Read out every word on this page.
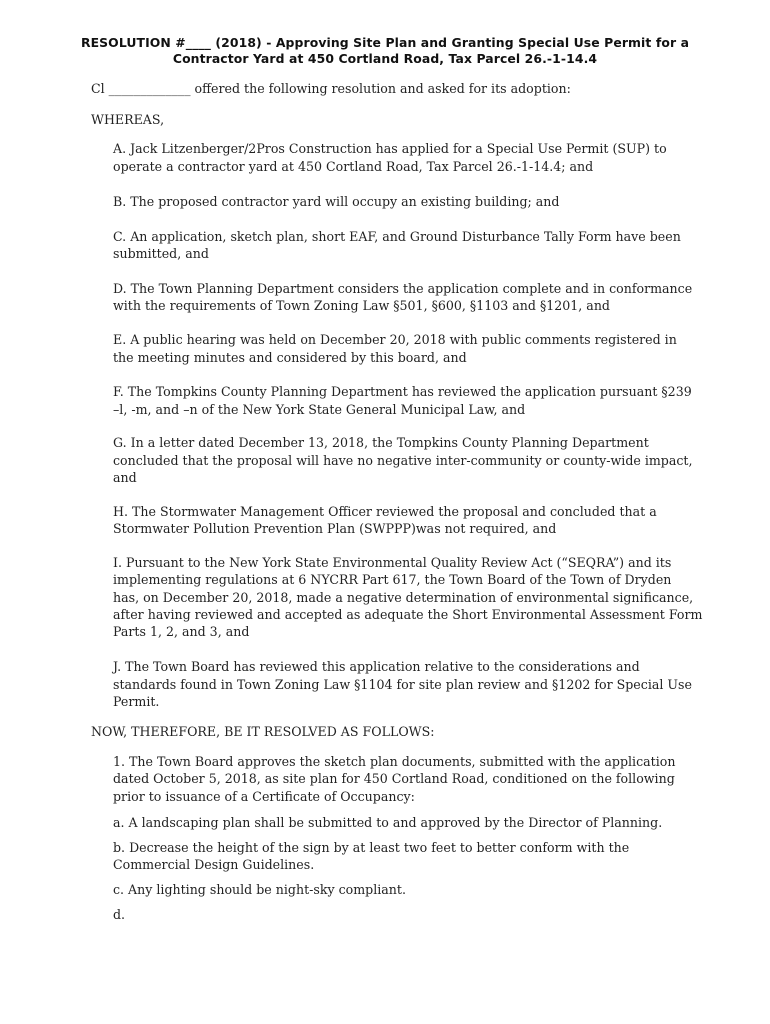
RESOLUTION #____ (2018) - Approving Site Plan and Granting Special Use Permit for a
Contractor Yard at 450 Cortland Road, Tax Parcel 26.-1-14.4
Cl _____________ offered the following resolution and asked for its adoption:
WHEREAS,
A. Jack Litzenberger/2Pros Construction has applied for a Special Use Permit (SUP) to
operate a contractor yard at 450 Cortland Road, Tax Parcel 26.-1-14.4; and
B. The proposed contractor yard will occupy an existing building; and
C. An application, sketch plan, short EAF, and Ground Disturbance Tally Form have been
submitted, and
D. The Town Planning Department considers the application complete and in conformance
with the requirements of Town Zoning Law §501, §600, §1103 and §1201, and
E. A public hearing was held on December 20, 2018 with public comments registered in
the meeting minutes and considered by this board, and
F. The Tompkins County Planning Department has reviewed the application pursuant §239
–l, -m, and –n of the New York State General Municipal Law, and
G. In a letter dated December 13, 2018, the Tompkins County Planning Department
concluded that the proposal will have no negative inter-community or county-wide impact,
and
H. The Stormwater Management Officer reviewed the proposal and concluded that a
Stormwater Pollution Prevention Plan (SWPPP)was not required, and
I. Pursuant to the New York State Environmental Quality Review Act (“SEQRA”) and its
implementing regulations at 6 NYCRR Part 617, the Town Board of the Town of Dryden
has, on December 20, 2018, made a negative determination of environmental significance,
after having reviewed and accepted as adequate the Short Environmental Assessment Form
Parts 1, 2, and 3, and
J. The Town Board has reviewed this application relative to the considerations and
standards found in Town Zoning Law §1104 for site plan review and §1202 for Special Use
Permit.
NOW, THEREFORE, BE IT RESOLVED AS FOLLOWS:
1. The Town Board approves the sketch plan documents, submitted with the application
dated October 5, 2018, as site plan for 450 Cortland Road, conditioned on the following
prior to issuance of a Certificate of Occupancy:
a. A landscaping plan shall be submitted to and approved by the Director of Planning.
b. Decrease the height of the sign by at least two feet to better conform with the
Commercial Design Guidelines.
c. Any lighting should be night-sky compliant.
d.
